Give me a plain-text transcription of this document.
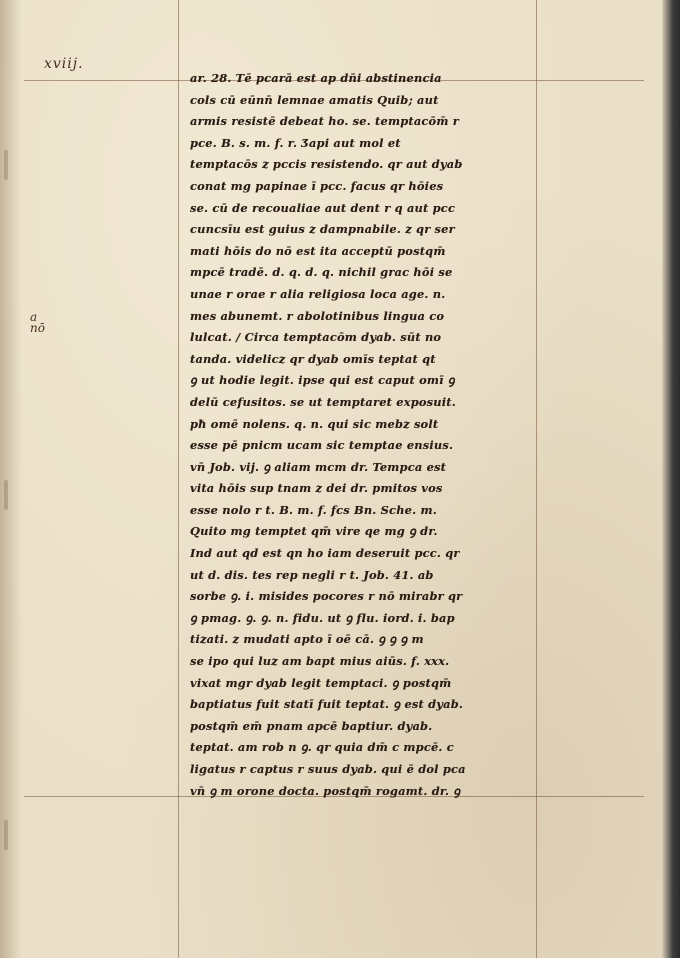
xviij.
a
nō
ar. 28. Tē pcarā est ap dn̄i abstinencia
cols cū eūnn̄ lemnae amatis Quib; aut
armis resistē debeat ho. se. temptacōm̄ r
pce. B. s. m. f. r. Ʒapi aut mol et
temptacōs z pccis resistendo. qr aut dyab
conat mg papinae ī pcc. facus qr hōies
se. cū de recoualiae aut dent r q aut pcc
cuncsīu est guius z dampnabile. z qr ser
mati hōis do nō est ita acceptū postqm̄
mpcē tradē. d. q. d. q. nichil grac hōi se
unae r orae r alia religiosa loca age. n.
mes abunemt. r abolotinibus lingua co
lulcat. / Circa temptacōm dyab. sūt no
tanda. videlicz qr dyab omīs teptat qt
ꝯ ut hodie legit. ipse qui est caput omī ꝯ
delū cefusitos. se ut temptaret exposuit.
pħ omē nolens. q. n. qui sic mebz solt
esse pē pnicm ucam sic temptae ensius.
vn̄ Job. vij. ꝯ aliam mcm dr. Tempca est
vita hōis sup tnam z dei dr. pmitos vos
esse nolo r t. B. m. f. fcs Bn. Sche. m.
Quito mg temptet qm̄ vire qe mg ꝯ dr.
Ind aut qd est qn ho iam deseruit pcc. qr
ut d. dis. tes rep negli r t. Job. 41. ab
sorbe ꝯ. i. misides pocores r nō mirabr qr
ꝯ pmag. ꝯ. ꝯ. n. fidu. ut ꝯ flu. iord. i. bap
tizati. z mudati apto ī oē cā. ꝯ ꝯ ꝯ m
se ipo qui luz am bapt mius aiūs. f. xxx.
vixat mgr dyab legit temptaci. ꝯ postqm̄
baptiatus fuit statī fuit teptat. ꝯ est dyab.
postqm̄ em̄ pnam apcē baptiur. dyab.
teptat. am rob n ꝯ. qr quia dm̄ c mpcē. c
ligatus r captus r suus dyab. qui ē dol pca
vn̄ ꝯ m orone docta. postqm̄ rogamt. dr. ꝯ
